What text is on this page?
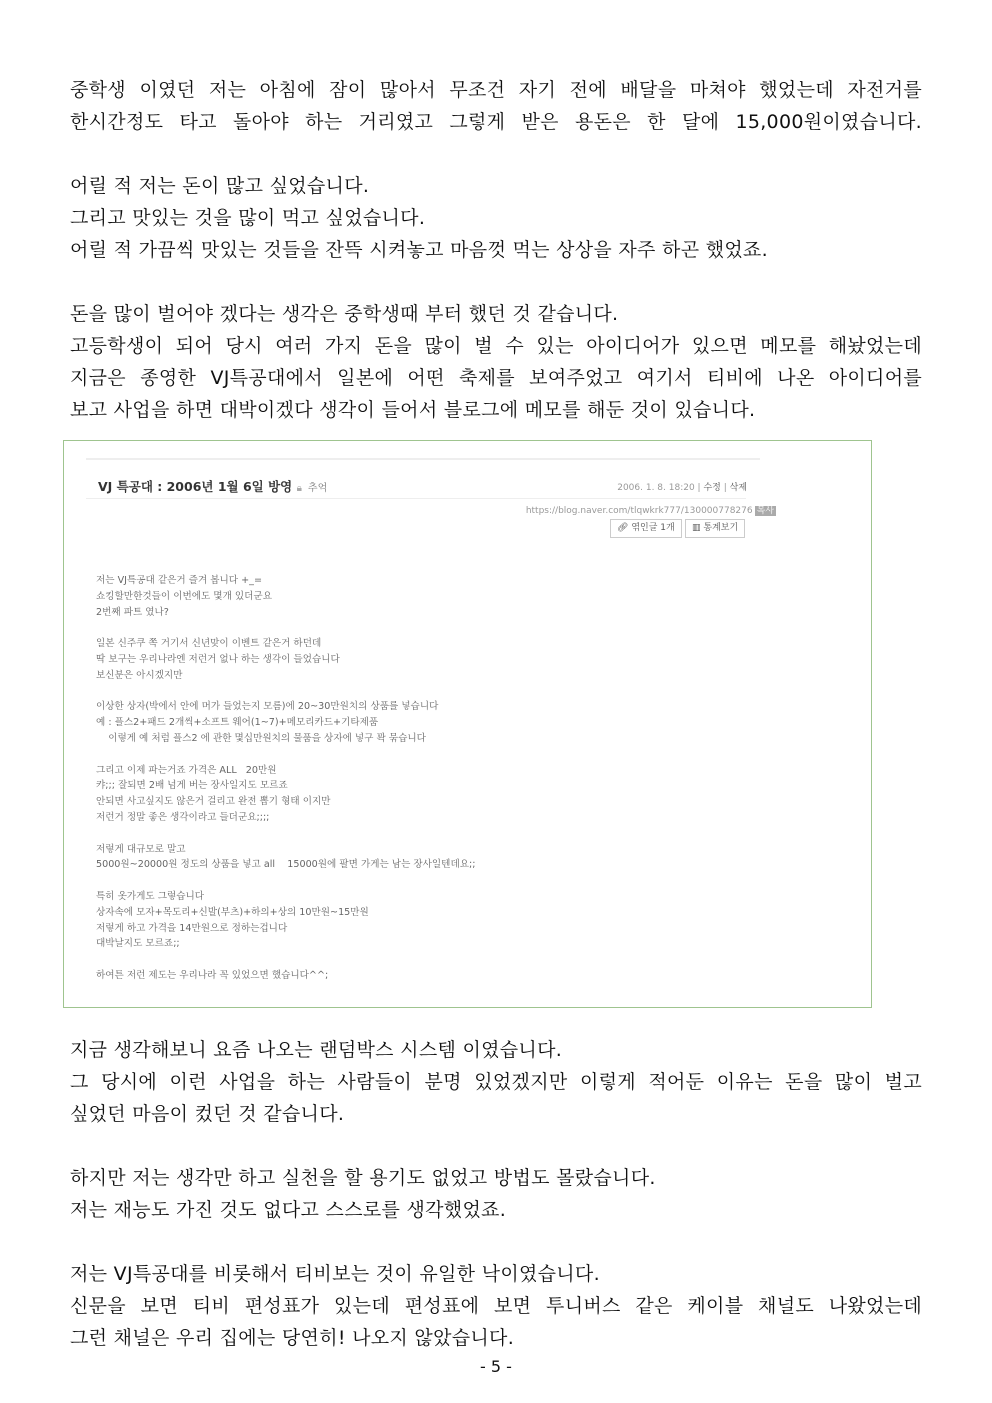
중학생 이였던 저는 아침에 잠이 많아서 무조건 자기 전에 배달을 마쳐야 했었는데 자전거를
한시간정도 타고 돌아야 하는 거리였고 그렇게 받은 용돈은 한 달에 15,000원이였습니다.
어릴 적 저는 돈이 많고 싶었습니다.
그리고 맛있는 것을 많이 먹고 싶었습니다.
어릴 적 가끔씩 맛있는 것들을 잔뜩 시켜놓고 마음껏 먹는 상상을 자주 하곤 했었죠.
돈을 많이 벌어야 겠다는 생각은 중학생때 부터 했던 것 같습니다.
고등학생이 되어 당시 여러 가지 돈을 많이 벌 수 있는 아이디어가 있으면 메모를 해놨었는데
지금은 종영한 VJ특공대에서 일본에 어떤 축제를 보여주었고 여기서 티비에 나온 아이디어를
보고 사업을 하면 대박이겠다 생각이 들어서 블로그에 메모를 해둔 것이 있습니다.
VJ 특공대 : 2006년 1월 6일 방영 🔒︎ 추억	2006. 1. 8. 18:20 | 수정 | 삭제
https://blog.naver.com/tlqwkrk777/130000778276 복사
🔗︎ 엮인글 1개	▥ 통계보기
저는 VJ특공대 같은거 즐겨 봅니다 +_=
쇼킹할만한것들이 이번에도 몇개 있더군요
2번째 파트 였나?

일본 신주쿠 쪽 거기서 신년맞이 이벤트 같은거 하던데
딱 보구는 우리나라엔 저런거 없나 하는 생각이 들었습니다
보신분은 아시겠지만

이상한 상자(박에서 안에 머가 들었는지 모름)에 20~30만원치의 상품를 넣습니다
예 : 플스2+패드 2개씩+소프트 웨어(1~7)+메모리카드+기타제품
이렇게 예 처럼 플스2 에 관한 몇십만원치의 물품을 상자에 넣구 꽉 묶습니다

그리고 이제 파는거죠 가격은 ALL   20만원
캬;;; 잘되면 2배 넘게 버는 장사일지도 모르죠
안되면 사고싶지도 않은거 걸리고 완전 뽑기 형태 이지만
저런거 정말 좋은 생각이라고 들더군요;;;;

저렇게 대규모로 말고
5000원~20000원 정도의 상품을 넣고 all    15000원에 팔면 가게는 남는 장사일텐데요;;

특히 옷가게도 그렇습니다
상자속에 모자+목도리+신발(부츠)+하의+상의 10만원~15만원
저렇게 하고 가격을 14만원으로 정하는겁니다
대박날지도 모르죠;;

하여튼 저런 제도는 우리나라 꼭 있었으면 했습니다^^;
지금 생각해보니 요즘 나오는 랜덤박스 시스템 이였습니다.
그 당시에 이런 사업을 하는 사람들이 분명 있었겠지만 이렇게 적어둔 이유는 돈을 많이 벌고
싶었던 마음이 컸던 것 같습니다.
하지만 저는 생각만 하고 실천을 할 용기도 없었고 방법도 몰랐습니다.
저는 재능도 가진 것도 없다고 스스로를 생각했었죠.
저는 VJ특공대를 비롯해서 티비보는 것이 유일한 낙이였습니다.
신문을 보면 티비 편성표가 있는데 편성표에 보면 투니버스 같은 케이블 채널도 나왔었는데
그런 채널은 우리 집에는 당연히! 나오지 않았습니다.
- 5 -
